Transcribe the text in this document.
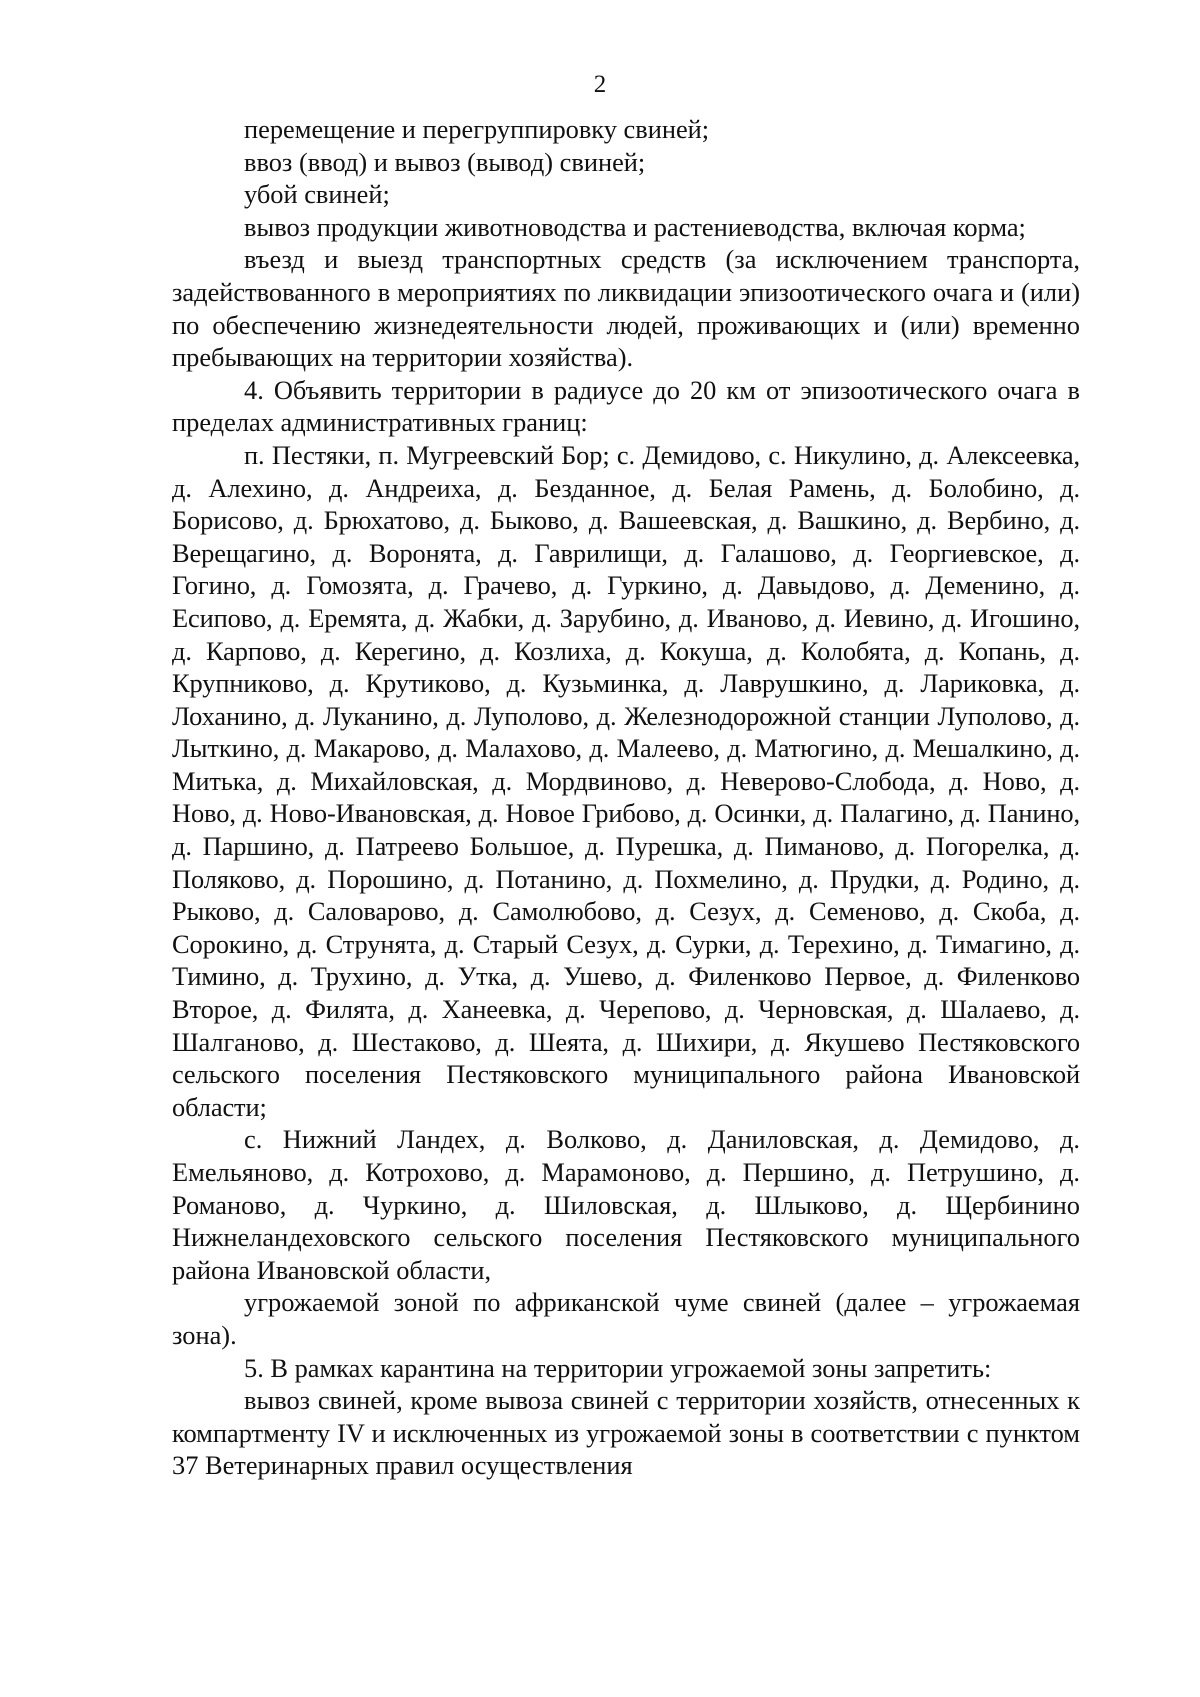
2

перемещение и перегруппировку свиней;

ввоз (ввод) и вывоз (вывод) свиней;

убой свиней;

вывоз продукции животноводства и растениеводства, включая корма;

въезд и выезд транспортных средств (за исключением транспорта, задействованного в мероприятиях по ликвидации эпизоотического очага и (или) по обеспечению жизнедеятельности людей, проживающих и (или) временно пребывающих на территории хозяйства).

4. Объявить территории в радиусе до 20 км от эпизоотического очага в пределах административных границ:

п. Пестяки, п. Мугреевский Бор; с. Демидово, с. Никулино, д. Алексеевка, д. Алехино, д. Андреиха, д. Безданное, д. Белая Рамень, д. Болобино, д. Борисово, д. Брюхатово, д. Быково, д. Вашеевская, д. Вашкино, д. Вербино, д. Верещагино, д. Воронята, д. Гаврилищи, д. Галашово, д. Георгиевское, д. Гогино, д. Гомозята, д. Грачево, д. Гуркино, д. Давыдово, д. Деменино, д. Есипово, д. Еремята, д. Жабки, д. Зарубино, д. Иваново, д. Иевино, д. Игошино, д. Карпово, д. Керегино, д. Козлиха, д. Кокуша, д. Колобята, д. Копань, д. Крупниково, д. Крутиково, д. Кузьминка, д. Лаврушкино, д. Лариковка, д. Лоханино, д. Луканино, д. Луполово, д. Железнодорожной станции Луполово, д. Лыткино, д. Макарово, д. Малахово, д. Малеево, д. Матюгино, д. Мешалкино, д. Митька, д. Михайловская, д. Мордвиново, д. Неверово-Слобода, д. Ново, д. Ново, д. Ново-Ивановская, д. Новое Грибово, д. Осинки, д. Палагино, д. Панино, д. Паршино, д. Патреево Большое, д. Пурешка, д. Пиманово, д. Погорелка, д. Поляково, д. Порошино, д. Потанино, д. Похмелино, д. Прудки, д. Родино, д. Рыково, д. Саловарово, д. Самолюбово, д. Сезух, д. Семеново, д. Скоба, д. Сорокино, д. Струнята, д. Старый Сезух, д. Сурки, д. Терехино, д. Тимагино, д. Тимино, д. Трухино, д. Утка, д. Ушево, д. Филенково Первое, д. Филенково Второе, д. Филята, д. Ханеевка, д. Черепово, д. Черновская, д. Шалаево, д. Шалганово, д. Шестаково, д. Шеята, д. Шихири, д. Якушево Пестяковского сельского поселения Пестяковского муниципального района Ивановской области;

с. Нижний Ландех, д. Волково, д. Даниловская, д. Демидово, д. Емельяново, д. Котрохово, д. Марамоново, д. Першино, д. Петрушино, д. Романово, д. Чуркино, д. Шиловская, д. Шлыково, д. Щербинино Нижнеландеховского сельского поселения Пестяковского муниципального района Ивановской области,

угрожаемой зоной по африканской чуме свиней (далее – угрожаемая зона).

5. В рамках карантина на территории угрожаемой зоны запретить:

вывоз свиней, кроме вывоза свиней с территории хозяйств, отнесенных к компартменту IV и исключенных из угрожаемой зоны в соответствии с пунктом 37 Ветеринарных правил осуществления
